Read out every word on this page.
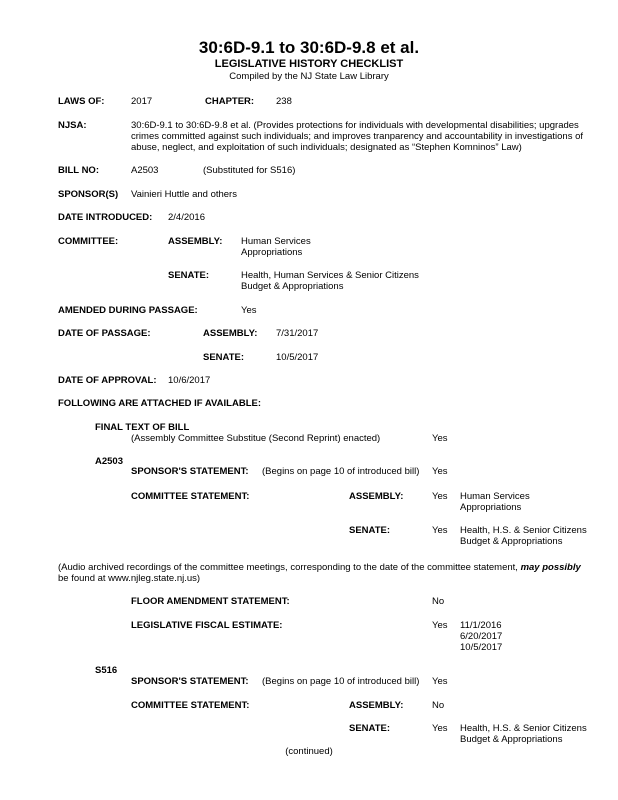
30:6D-9.1 to 30:6D-9.8 et al.
LEGISLATIVE HISTORY CHECKLIST
Compiled by the NJ State Law Library
LAWS OF:	2017	CHAPTER: 238
NJSA:	30:6D-9.1 to 30:6D-9.8 et al. (Provides protections for individuals with developmental disabilities; upgrades
crimes committed against such individuals; and improves tranparency and accountability in investigations of
abuse, neglect, and exploitation of such individuals; designated as “Stephen Komninos” Law)
BILL NO:	A2503	(Substituted for S516)
SPONSOR(S) Vainieri Huttle and others
DATE INTRODUCED: 2/4/2016
COMMITTEE:	ASSEMBLY: Human Services
Appropriations
SENATE:	Health, Human Services & Senior Citizens
Budget & Appropriations
AMENDED DURING PASSAGE:	Yes
DATE OF PASSAGE:	ASSEMBLY: 7/31/2017
SENATE:	10/5/2017
DATE OF APPROVAL: 10/6/2017
FOLLOWING ARE ATTACHED IF AVAILABLE:
FINAL TEXT OF BILL
(Assembly Committee Substitue (Second Reprint) enacted)	Yes
A2503
SPONSOR'S STATEMENT: (Begins on page 10 of introduced bill) Yes
COMMITTEE STATEMENT:	ASSEMBLY:	Yes Human Services
Appropriations
SENATE:	Yes Health, H.S. & Senior Citizens
Budget & Appropriations
(Audio archived recordings of the committee meetings, corresponding to the date of the committee statement, may possibly
be found at www.njleg.state.nj.us)
FLOOR AMENDMENT STATEMENT:	No
LEGISLATIVE FISCAL ESTIMATE:	Yes 11/1/2016
6/20/2017
10/5/2017
S516
SPONSOR'S STATEMENT: (Begins on page 10 of introduced bill) Yes
COMMITTEE STATEMENT:	ASSEMBLY:	No
SENATE:	Yes Health, H.S. & Senior Citizens
Budget & Appropriations
(continued)
